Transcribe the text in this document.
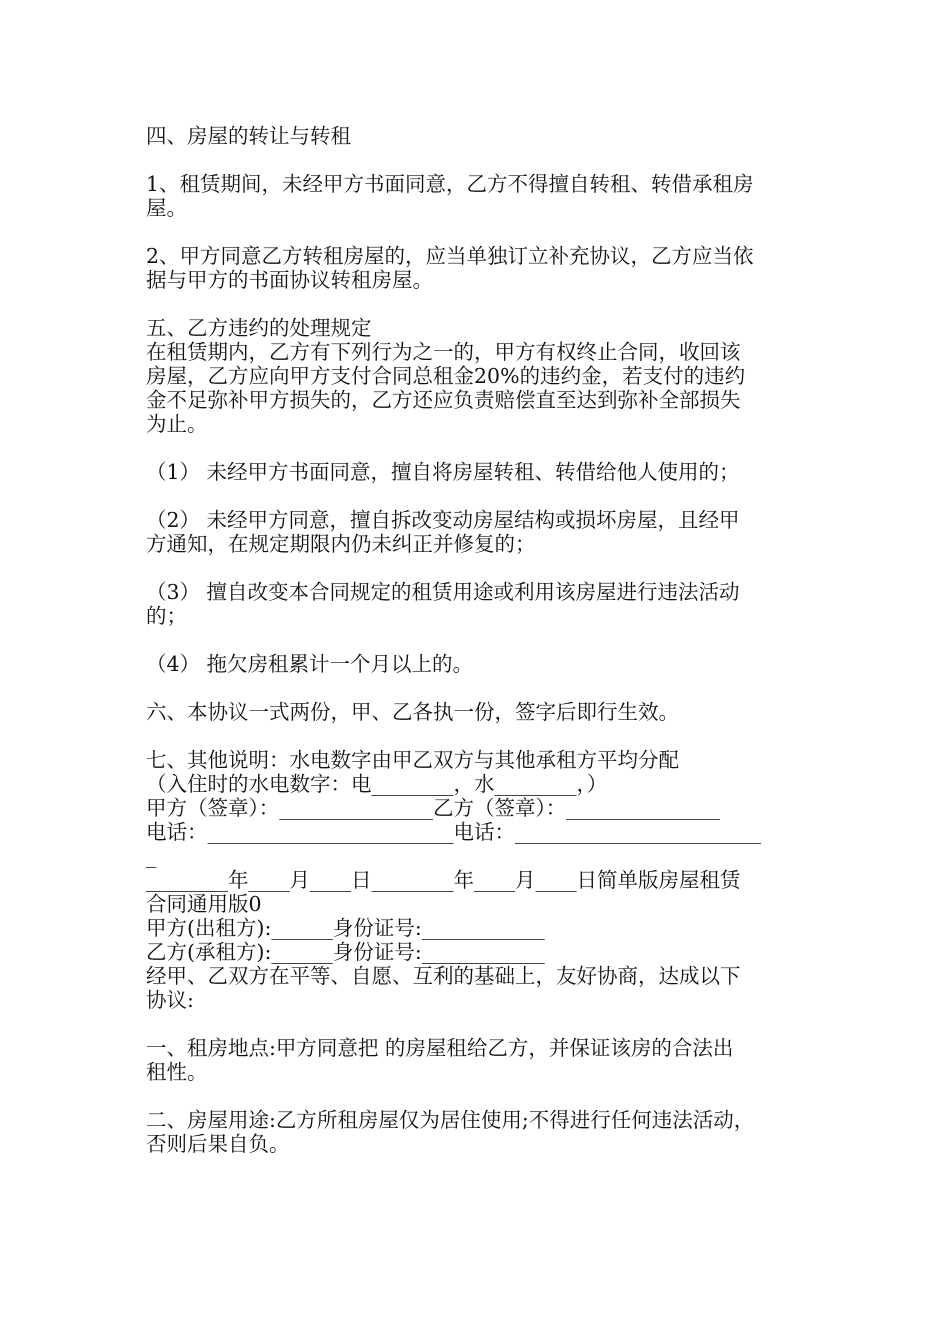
四、房屋的转让与转租
1、租赁期间，未经甲方书面同意，乙方不得擅自转租、转借承租房
屋。
2、甲方同意乙方转租房屋的，应当单独订立补充协议，乙方应当依
据与甲方的书面协议转租房屋。
五、乙方违约的处理规定
在租赁期内，乙方有下列行为之一的，甲方有权终止合同，收回该
房屋，乙方应向甲方支付合同总租金20%的违约金，若支付的违约
金不足弥补甲方损失的，乙方还应负责赔偿直至达到弥补全部损失
为止。
（1） 未经甲方书面同意，擅自将房屋转租、转借给他人使用的；
（2） 未经甲方同意，擅自拆改变动房屋结构或损坏房屋，且经甲
方通知，在规定期限内仍未纠正并修复的；
（3） 擅自改变本合同规定的租赁用途或利用该房屋进行违法活动
的；
（4） 拖欠房租累计一个月以上的。
六、本协议一式两份，甲、乙各执一份，签字后即行生效。
七、其他说明：水电数字由甲乙双方与其他承租方平均分配
（入住时的水电数字：电________，水________，）
甲方（签章）：_______________乙方（签章）：_______________
电话：________________________电话：________________________
_
________年____月____日________年____月____日简单版房屋租赁
合同通用版0
甲方(出租方):______身份证号:____________
乙方(承租方):______身份证号:____________
经甲、乙双方在平等、自愿、互利的基础上，友好协商，达成以下
协议:
一、租房地点:甲方同意把 的房屋租给乙方，并保证该房的合法出
租性。
二、房屋用途:乙方所租房屋仅为居住使用;不得进行任何违法活动，
否则后果自负。
